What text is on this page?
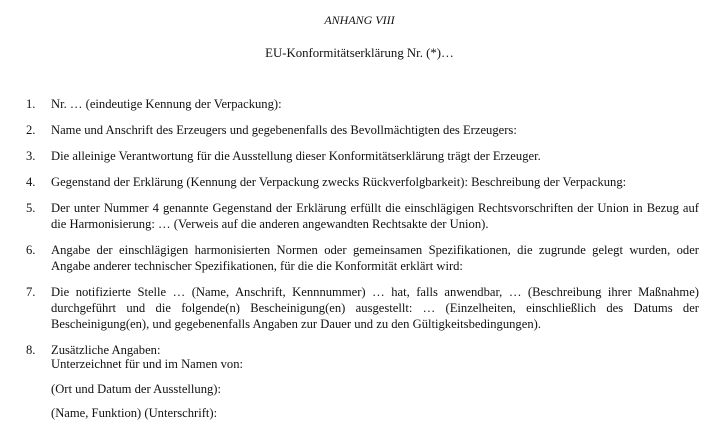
ANHANG VIII
EU-Konformitätserklärung Nr. (*)…
1. Nr. … (eindeutige Kennung der Verpackung):
2. Name und Anschrift des Erzeugers und gegebenenfalls des Bevollmächtigten des Erzeugers:
3. Die alleinige Verantwortung für die Ausstellung dieser Konformitätserklärung trägt der Erzeuger.
4. Gegenstand der Erklärung (Kennung der Verpackung zwecks Rückverfolgbarkeit): Beschreibung der Verpackung:
5. Der unter Nummer 4 genannte Gegenstand der Erklärung erfüllt die einschlägigen Rechtsvorschriften der Union in Bezug auf die Harmonisierung: … (Verweis auf die anderen angewandten Rechtsakte der Union).
6. Angabe der einschlägigen harmonisierten Normen oder gemeinsamen Spezifikationen, die zugrunde gelegt wurden, oder Angabe anderer technischer Spezifikationen, für die die Konformität erklärt wird:
7. Die notifizierte Stelle … (Name, Anschrift, Kennnummer) … hat, falls anwendbar, … (Beschreibung ihrer Maßnahme) durchgeführt und die folgende(n) Bescheinigung(en) ausgestellt: … (Einzelheiten, einschließlich des Datums der Bescheinigung(en), und gegebenenfalls Angaben zur Dauer und zu den Gültigkeitsbedingungen).
8. Zusätzliche Angaben:
Unterzeichnet für und im Namen von:
(Ort und Datum der Ausstellung):
(Name, Funktion) (Unterschrift):
